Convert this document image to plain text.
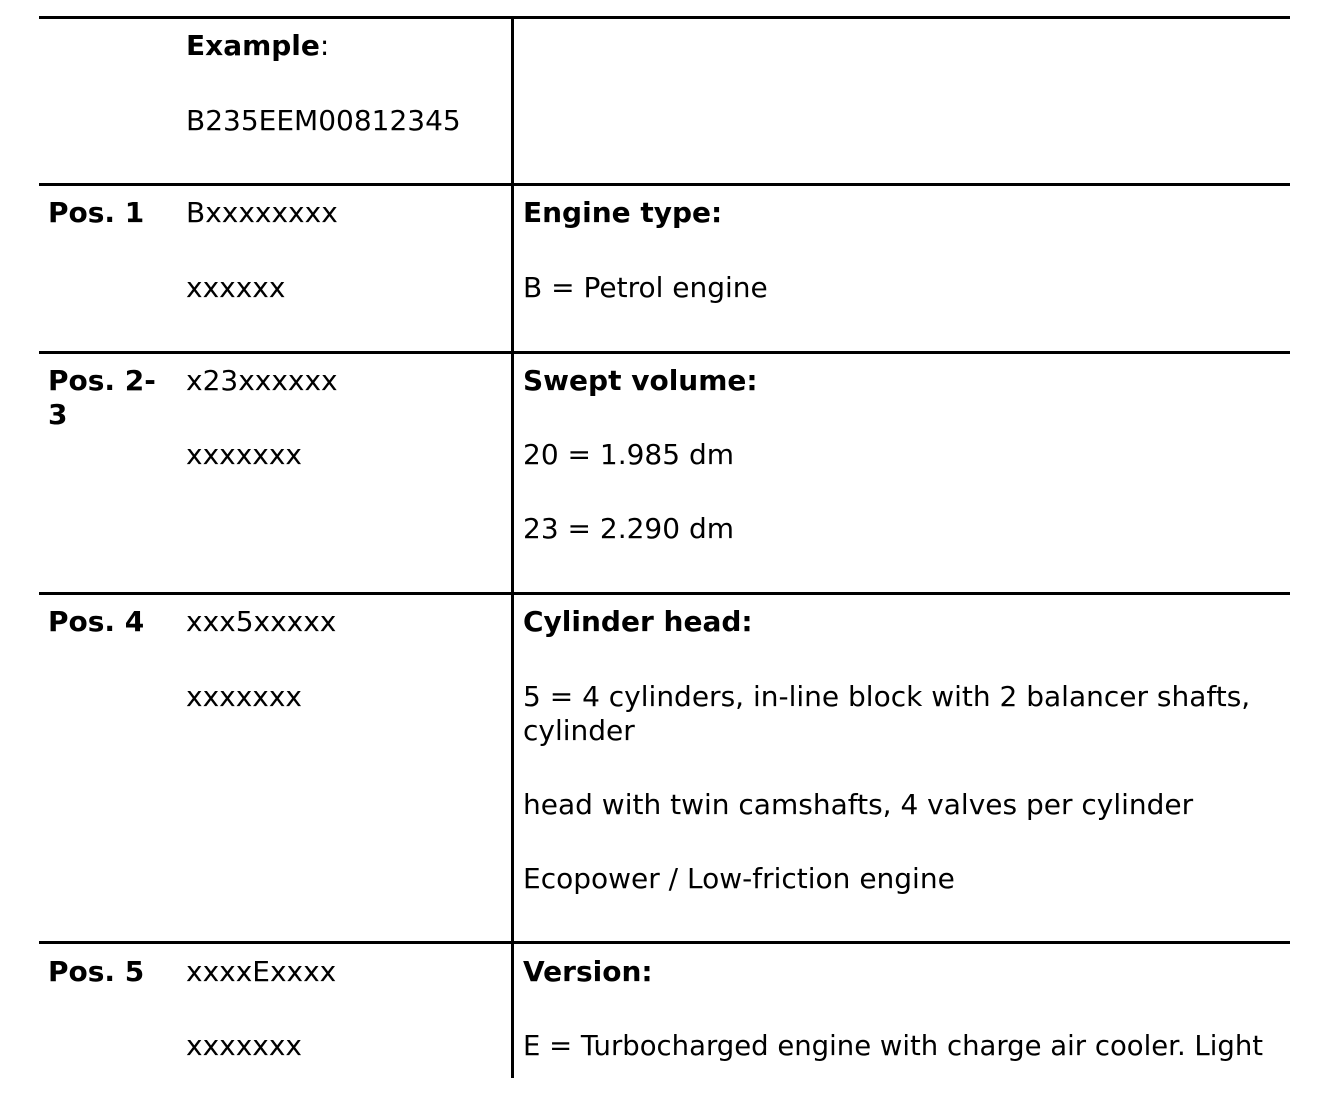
Example:
B235EEM00812345
Pos. 1 Bxxxxxxxx
xxxxxx
Engine type:
B = Petrol engine
Pos. 2-3
x23xxxxxx
xxxxxxx
Swept volume:
20 = 1.985 dm
23 = 2.290 dm
Pos. 4 xxx5xxxxx
xxxxxxx
Cylinder head:
5 = 4 cylinders, in-line block with 2 balancer shafts, cylinder
head with twin camshafts, 4 valves per cylinder
Ecopower / Low-friction engine
Pos. 5 xxxxExxxx
xxxxxxx
Version:
E = Turbocharged engine with charge air cooler. Light
